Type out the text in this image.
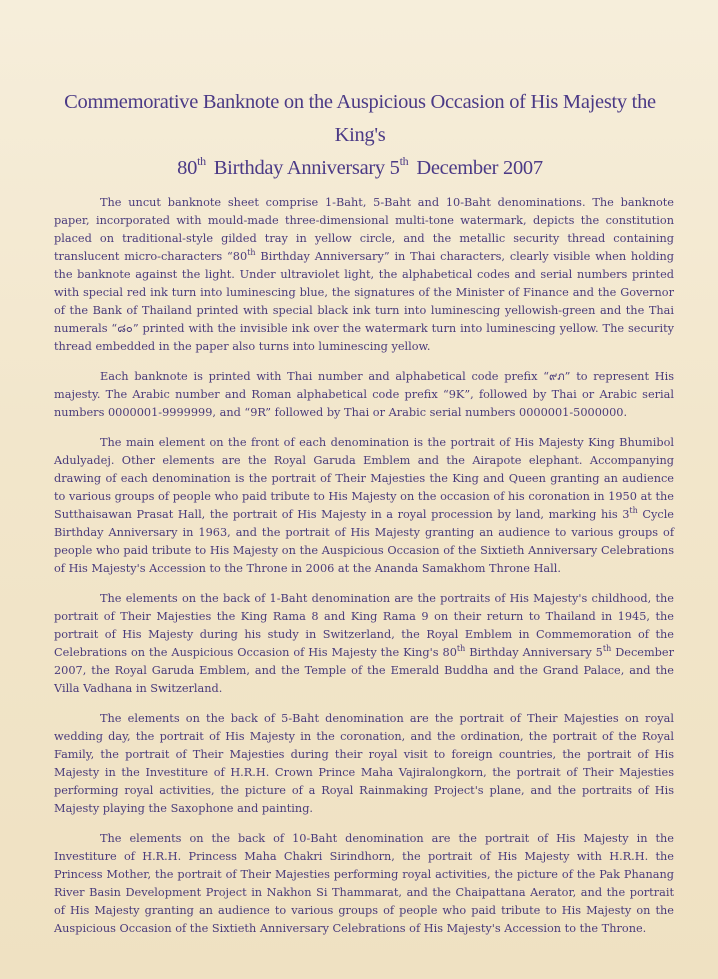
Commemorative Banknote on the Auspicious Occasion of His Majesty the King's
80th Birthday Anniversary 5th December 2007

The uncut banknote sheet comprise 1-Baht, 5-Baht and 10-Baht denominations. The banknote paper, incorporated with mould-made three-dimensional multi-tone watermark, depicts the constitution placed on traditional-style gilded tray in yellow circle, and the metallic security thread containing translucent micro-characters “80th Birthday Anniversary” in Thai characters, clearly visible when holding the banknote against the light. Under ultraviolet light, the alphabetical codes and serial numbers printed with special red ink turn into luminescing blue, the signatures of the Minister of Finance and the Governor of the Bank of Thailand printed with special black ink turn into luminescing yellowish-green and the Thai numerals “๘๐” printed with the invisible ink over the watermark turn into luminescing yellow. The security thread embedded in the paper also turns into luminescing yellow.

Each banknote is printed with Thai number and alphabetical code prefix “๙ภ” to represent His majesty. The Arabic number and Roman alphabetical code prefix “9K”, followed by Thai or Arabic serial numbers 0000001-9999999, and “9R” followed by Thai or Arabic serial numbers 0000001-5000000.

The main element on the front of each denomination is the portrait of His Majesty King Bhumibol Adulyadej. Other elements are the Royal Garuda Emblem and the Airapote elephant. Accompanying drawing of each denomination is the portrait of Their Majesties the King and Queen granting an audience to various groups of people who paid tribute to His Majesty on the occasion of his coronation in 1950 at the Sutthaisawan Prasat Hall, the portrait of His Majesty in a royal procession by land, marking his 3th Cycle Birthday Anniversary in 1963, and the portrait of His Majesty granting an audience to various groups of people who paid tribute to His Majesty on the Auspicious Occasion of the Sixtieth Anniversary Celebrations of His Majesty's Accession to the Throne in 2006 at the Ananda Samakhom Throne Hall.

The elements on the back of 1-Baht denomination are the portraits of His Majesty's childhood, the portrait of Their Majesties the King Rama 8 and King Rama 9 on their return to Thailand in 1945, the portrait of His Majesty during his study in Switzerland, the Royal Emblem in Commemoration of the Celebrations on the Auspicious Occasion of His Majesty the King's 80th Birthday Anniversary 5th December 2007, the Royal Garuda Emblem, and the Temple of the Emerald Buddha and the Grand Palace, and the Villa Vadhana in Switzerland.

The elements on the back of 5-Baht denomination are the portrait of Their Majesties on royal wedding day, the portrait of His Majesty in the coronation, and the ordination, the portrait of the Royal Family, the portrait of Their Majesties during their royal visit to foreign countries, the portrait of His Majesty in the Investiture of H.R.H. Crown Prince Maha Vajiralongkorn, the portrait of Their Majesties performing royal activities, the picture of a Royal Rainmaking Project's plane, and the portraits of His Majesty playing the Saxophone and painting.

The elements on the back of 10-Baht denomination are the portrait of His Majesty in the Investiture of H.R.H. Princess Maha Chakri Sirindhorn, the portrait of His Majesty with H.R.H. the Princess Mother, the portrait of Their Majesties performing royal activities, the picture of the Pak Phanang River Basin Development Project in Nakhon Si Thammarat, and the Chaipattana Aerator, and the portrait of His Majesty granting an audience to various groups of people who paid tribute to His Majesty on the Auspicious Occasion of the Sixtieth Anniversary Celebrations of His Majesty's Accession to the Throne.
